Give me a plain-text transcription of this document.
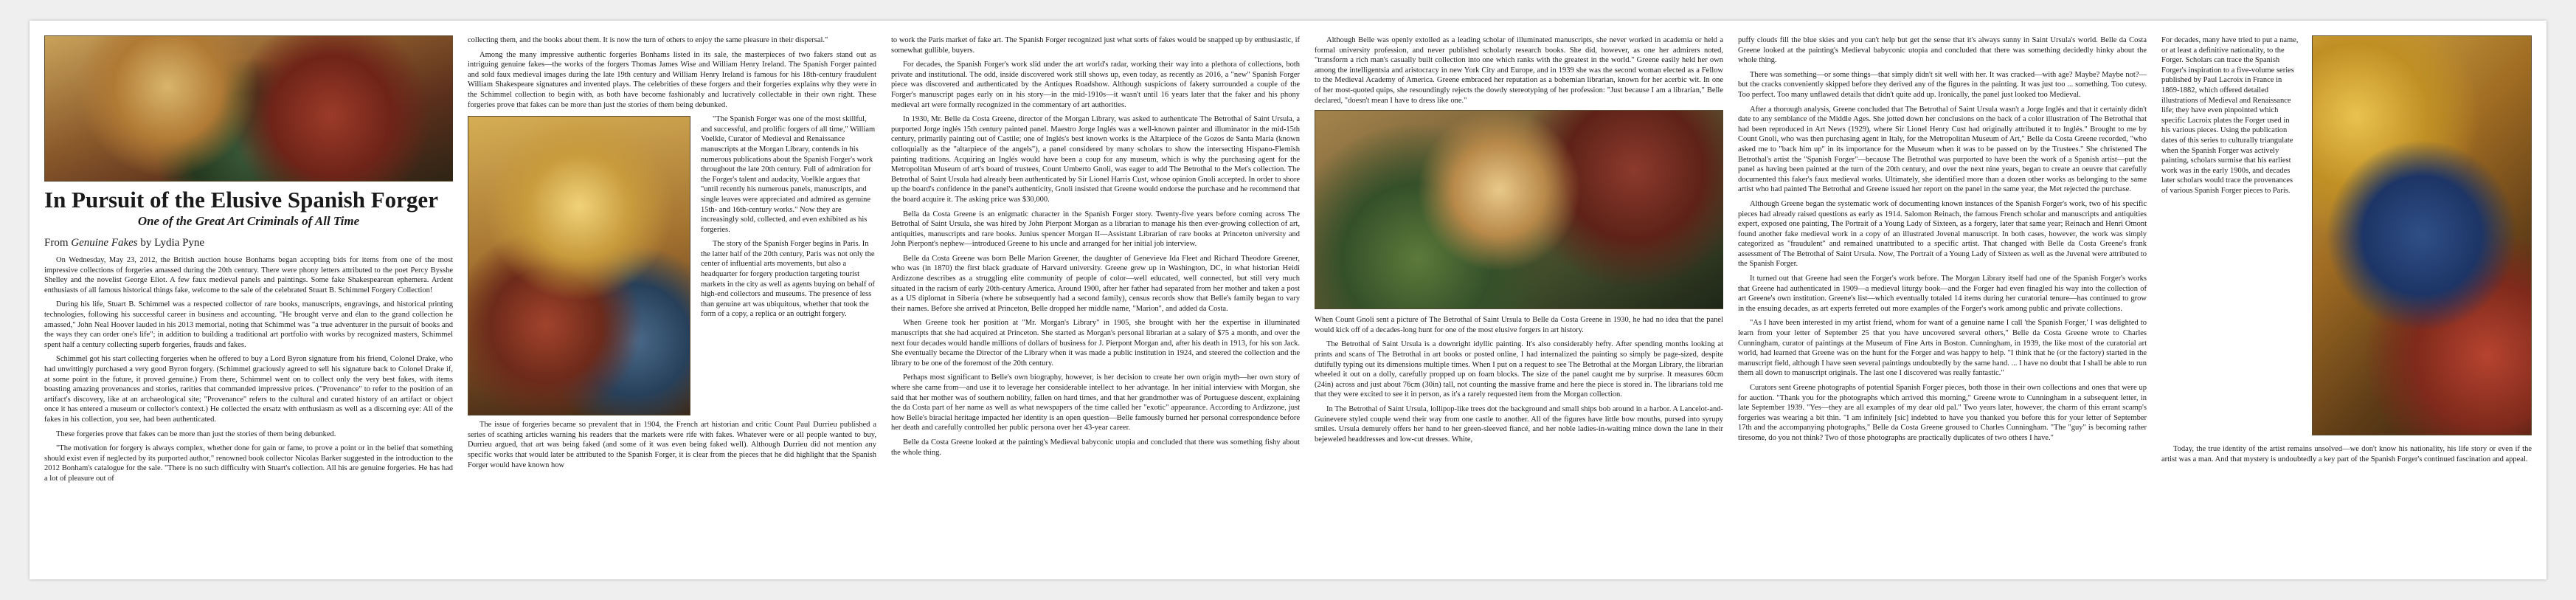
In Pursuit of the Elusive Spanish Forger
One of the Great Art Criminals of All Time
From Genuine Fakes by Lydia Pyne

On Wednesday, May 23, 2012, the British auction house Bonhams began accepting bids for items from one of the most impressive collections of forgeries amassed during the 20th century. There were phony letters attributed to the poet Percy Bysshe Shelley and the novelist George Eliot. A few faux medieval panels and paintings. Some fake Shakespearean ephemera. Ardent enthusiasts of all famous historical things fake, welcome to the sale of the celebrated Stuart B. Schimmel Forgery Collection!

During his life, Stuart B. Schimmel was a respected collector of rare books, manuscripts, engravings, and historical printing technologies, following his successful career in business and accounting. "He brought verve and élan to the grand collection he amassed," John Neal Hoover lauded in his 2013 memorial, noting that Schimmel was "a true adventurer in the pursuit of books and the ways they can order one's life"; in addition to building a traditional art portfolio with works by recognized masters, Schimmel spent half a century collecting superb forgeries, frauds and fakes.

Schimmel got his start collecting forgeries when he offered to buy a Lord Byron signature from his friend, Colonel Drake, who had unwittingly purchased a very good Byron forgery. (Schimmel graciously agreed to sell his signature back to Colonel Drake if, at some point in the future, it proved genuine.) From there, Schimmel went on to collect only the very best fakes, with items boasting amazing provenances and stories, rarities that commanded impressive prices. ("Provenance" to refer to the position of an artifact's discovery, like at an archaeological site; "Provenance" refers to the cultural and curated history of an artifact or object once it has entered a museum or collector's context.) He collected the ersatz with enthusiasm as well as a discerning eye: All of the fakes in his collection, you see, had been authenticated.

These forgeries prove that fakes can be more than just the stories of them being debunked.

"The motivation for forgery is always complex, whether done for gain or fame, to prove a point or in the belief that something should exist even if neglected by its purported author," renowned book collector Nicolas Barker suggested in the introduction to the 2012 Bonham's catalogue for the sale. "There is no such difficulty with Stuart's collection. All his are genuine forgeries. He has had a lot of pleasure out of

collecting them, and the books about them. It is now the turn of others to enjoy the same pleasure in their dispersal."

Among the many impressive authentic forgeries Bonhams listed in its sale, the masterpieces of two fakers stand out as intriguing genuine fakes—the works of the forgers Thomas James Wise and William Henry Ireland. The Spanish Forger painted and sold faux medieval images during the late 19th century and William Henry Ireland is famous for his 18th-century fraudulent William Shakespeare signatures and invented plays. The celebrities of these forgers and their forgeries explains why they were in the Schimmel collection to begin with, as both have become fashionably and lucratively collectable in their own right. These forgeries prove that fakes can be more than just the stories of them being debunked.

"The Spanish Forger was one of the most skillful, and successful, and prolific forgers of all time," William Voelkle, Curator of Medieval and Renaissance manuscripts at the Morgan Library, contends in his numerous publications about the Spanish Forger's work throughout the late 20th century. Full of admiration for the Forger's talent and audacity, Voelkle argues that "until recently his numerous panels, manuscripts, and single leaves were appreciated and admired as genuine 15th- and 16th-century works." Now they are increasingly sold, collected, and even exhibited as his forgeries.

The story of the Spanish Forger begins in Paris. In the latter half of the 20th century, Paris was not only the center of influential arts movements, but also a headquarter for forgery production targeting tourist markets in the city as well as agents buying on behalf of high-end collectors and museums. The presence of less than genuine art was ubiquitous, whether that took the form of a copy, a replica or an outright forgery.

The issue of forgeries became so prevalent that in 1904, the French art historian and critic Count Paul Durrieu published a series of scathing articles warning his readers that the markets were rife with fakes. Whatever were or all people wanted to buy, Durrieu argued, that art was being faked (and some of it was even being faked well). Although Durrieu did not mention any specific works that would later be attributed to the Spanish Forger, it is clear from the pieces that he did highlight that the Spanish Forger would have known how

to work the Paris market of fake art. The Spanish Forger recognized just what sorts of fakes would be snapped up by enthusiastic, if somewhat gullible, buyers.

For decades, the Spanish Forger's work slid under the art world's radar, working their way into a plethora of collections, both private and institutional. The odd, inside discovered work still shows up, even today, as recently as 2016, a "new" Spanish Forger piece was discovered and authenticated by the Antiques Roadshow. Although suspicions of fakery surrounded a couple of the Forger's manuscript pages early on in his story—in the mid-1910s—it wasn't until 16 years later that the faker and his phony medieval art were formally recognized in the commentary of art authorities.

In 1930, Mr. Belle da Costa Greene, director of the Morgan Library, was asked to authenticate The Betrothal of Saint Ursula, a purported Jorge inglés 15th century painted panel. Maestro Jorge Inglés was a well-known painter and illuminator in the mid-15th century, primarily painting out of Castile; one of Inglés's best known works is the Altarpiece of the Gozos de Santa María (known colloquially as the "altarpiece of the angels"), a panel considered by many scholars to show the intersecting Hispano-Flemish painting traditions. Acquiring an Inglés would have been a coup for any museum, which is why the purchasing agent for the Metropolitan Museum of art's board of trustees, Count Umberto Gnoli, was eager to add The Betrothal to the Met's collection. The Betrothal of Saint Ursula had already been authenticated by Sir Lionel Harris Cust, whose opinion Gnoli accepted. In order to shore up the board's confidence in the panel's authenticity, Gnoli insisted that Greene would endorse the purchase and he recommend that the board acquire it. The asking price was $30,000.

Bella da Costa Greene is an enigmatic character in the Spanish Forger story. Twenty-five years before coming across The Betrothal of Saint Ursula, she was hired by John Pierpont Morgan as a librarian to manage his then ever-growing collection of art, antiquities, manuscripts and rare books. Junius spencer Morgan II—Assistant Librarian of rare books at Princeton university and John Pierpont's nephew—introduced Greene to his uncle and arranged for her initial job interview.

Belle da Costa Greene was born Belle Marion Greener, the daughter of Genevieve Ida Fleet and Richard Theodore Greener, who was (in 1870) the first black graduate of Harvard university. Greene grew up in Washington, DC, in what historian Heidi Ardizzone describes as a struggling elite community of people of color—well educated, well connected, but still very much situated in the racism of early 20th-century America. Around 1900, after her father had separated from her mother and taken a post as a US diplomat in Siberia (where he subsequently had a second family), census records show that Belle's family began to vary their names. Before she arrived at Princeton, Belle dropped her middle name, "Marion", and added da Costa.

When Greene took her position at "Mr. Morgan's Library" in 1905, she brought with her the expertise in illuminated manuscripts that she had acquired at Princeton. She started as Morgan's personal librarian at a salary of $75 a month, and over the next four decades would handle millions of dollars of business for J. Pierpont Morgan and, after his death in 1913, for his son Jack. She eventually became the Director of the Library when it was made a public institution in 1924, and steered the collection and the library to be one of the foremost of the 20th century.

Perhaps most significant to Belle's own biography, however, is her decision to create her own origin myth—her own story of where she came from—and use it to leverage her considerable intellect to her advantage. In her initial interview with Morgan, she said that her mother was of southern nobility, fallen on hard times, and that her grandmother was of Portuguese descent, explaining the da Costa part of her name as well as what newspapers of the time called her "exotic" appearance. According to Ardizzone, just how Belle's biracial heritage impacted her identity is an open question—Belle famously burned her personal correspondence before her death and carefully controlled her public persona over her 43-year career.

Belle da Costa Greene looked at the painting's Medieval babyconic utopia and concluded that there was something fishy about the whole thing.

Although Belle was openly extolled as a leading scholar of illuminated manuscripts, she never worked in academia or held a formal university profession, and never published scholarly research books. She did, however, as one her admirers noted, "transform a rich man's casually built collection into one which ranks with the greatest in the world." Greene easily held her own among the intelligentsia and aristocracy in new York City and Europe, and in 1939 she was the second woman elected as a Fellow to the Medieval Academy of America. Greene embraced her reputation as a bohemian librarian, known for her acerbic wit. In one of her most-quoted quips, she resoundingly rejects the dowdy stereotyping of her profession: "Just because I am a librarian," Belle declared, "doesn't mean I have to dress like one."

When Count Gnoli sent a picture of The Betrothal of Saint Ursula to Belle da Costa Greene in 1930, he had no idea that the panel would kick off of a decades-long hunt for one of the most elusive forgers in art history.

The Betrothal of Saint Ursula is a downright idyllic painting. It's also considerably hefty. After spending months looking at prints and scans of The Betrothal in art books or posted online, I had internalized the painting so simply be page-sized, despite dutifully typing out its dimensions multiple times. When I put on a request to see The Betrothal at the Morgan Library, the librarian wheeled it out on a dolly, carefully propped up on foam blocks. The size of the panel caught me by surprise. It measures 60cm (24in) across and just about 76cm (30in) tall, not counting the massive frame and here the piece is stored in. The librarians told me that they were excited to see it in person, as it's a rarely requested item from the Morgan collection.

In The Betrothal of Saint Ursula, lollipop-like trees dot the background and small ships bob around in a harbor. A Lancelot-and-Guinevere styled couple wend their way from one castle to another. All of the figures have little bow mouths, pursed into syrupy smiles. Ursula demurely offers her hand to her green-sleeved fiancé, and her noble ladies-in-waiting mince down the lane in their bejeweled headdresses and low-cut dresses. White,

puffy clouds fill the blue skies and you can't help but get the sense that it's always sunny in Saint Ursula's world. Belle da Costa Greene looked at the painting's Medieval babyconic utopia and concluded that there was something decidedly hinky about the whole thing.

There was something—or some things—that simply didn't sit well with her. It was cracked—with age? Maybe? Maybe not?—but the cracks conveniently skipped before they derived any of the figures in the painting. It was just too ... something. Too cutesy. Too perfect. Too many unflawed details that didn't quite add up. Ironically, the panel just looked too Medieval.

After a thorough analysis, Greene concluded that The Betrothal of Saint Ursula wasn't a Jorge Inglés and that it certainly didn't date to any semblance of the Middle Ages. She jotted down her conclusions on the back of a color illustration of The Betrothal that had been reproduced in Art News (1929), where Sir Lionel Henry Cust had originally attributed it to Inglés." Brought to me by Count Gnoli, who was then purchasing agent in Italy, for the Metropolitan Museum of Art," Belle da Costa Greene recorded, "who asked me to "back him up" in its importance for the Museum when it was to be passed on by the Trustees." She christened The Betrothal's artist the "Spanish Forger"—because The Betrothal was purported to have been the work of a Spanish artist—put the panel as having been painted at the turn of the 20th century, and over the next nine years, began to create an oeuvre that carefully documented this faker's faux medieval works. Ultimately, she identified more than a dozen other works as belonging to the same artist who had painted The Betrothal and Greene issued her report on the panel in the same year, the Met rejected the purchase.

Although Greene began the systematic work of documenting known instances of the Spanish Forger's work, two of his specific pieces had already raised questions as early as 1914. Salomon Reinach, the famous French scholar and manuscripts and antiquities expert, exposed one painting, The Portrait of a Young Lady of Sixteen, as a forgery, later that same year; Reinach and Henri Omont found another fake medieval work in a copy of an illustrated Jovenal manuscript. In both cases, however, the work was simply categorized as "fraudulent" and remained unattributed to a specific artist. That changed with Belle da Costa Greene's frank assessment of The Betrothal of Saint Ursula. Now, The Portrait of a Young Lady of Sixteen as well as the Juvenal were attributed to the Spanish Forger.

It turned out that Greene had seen the Forger's work before. The Morgan Library itself had one of the Spanish Forger's works that Greene had authenticated in 1909—a medieval liturgy book—and the Forger had even finagled his way into the collection of art Greene's own institution. Greene's list—which eventually totaled 14 items during her curatorial tenure—has continued to grow in the ensuing decades, as art experts ferreted out more examples of the Forger's work among public and private collections.

"As I have been interested in my artist friend, whom for want of a genuine name I call 'the Spanish Forger,' I was delighted to learn from your letter of September 25 that you have uncovered several others," Belle da Costa Greene wrote to Charles Cunningham, curator of paintings at the Museum of Fine Arts in Boston. Cunningham, in 1939, the like most of the curatorial art world, had learned that Greene was on the hunt for the Forger and was happy to help. "I think that he (or the factory) started in the manuscript field, although I have seen several paintings undoubtedly by the same hand. ... I have no doubt that I shall be able to run them all down to manuscript originals. The last one I discovered was really fantastic."

Curators sent Greene photographs of potential Spanish Forger pieces, both those in their own collections and ones that were up for auction. "Thank you for the photographs which arrived this morning," Greene wrote to Cunningham in a subsequent letter, in late September 1939. "Yes—they are all examples of my dear old pal." Two years later, however, the charm of this errant scamp's forgeries was wearing a bit thin. "I am infinitely [sic] indebted to have you thanked you before this for your letter of September 17th and the accompanying photographs," Belle da Costa Greene groused to Charles Cunningham. "The "guy" is becoming rather tiresome, do you not think? Two of those photographs are practically duplicates of two others I have."

For decades, many have tried to put a name, or at least a definitive nationality, to the Forger. Scholars can trace the Spanish Forger's inspiration to a five-volume series published by Paul Lacroix in France in 1869-1882, which offered detailed illustrations of Medieval and Renaissance life; they have even pinpointed which specific Lacroix plates the Forger used in his various pieces. Using the publication dates of this series to culturally triangulate when the Spanish Forger was actively painting, scholars surmise that his earliest work was in the early 1900s, and decades later scholars would trace the provenances of various Spanish Forger pieces to Paris.

Today, the true identity of the artist remains unsolved—we don't know his nationality, his life story or even if the artist was a man. And that mystery is undoubtedly a key part of the Spanish Forger's continued fascination and appeal.
